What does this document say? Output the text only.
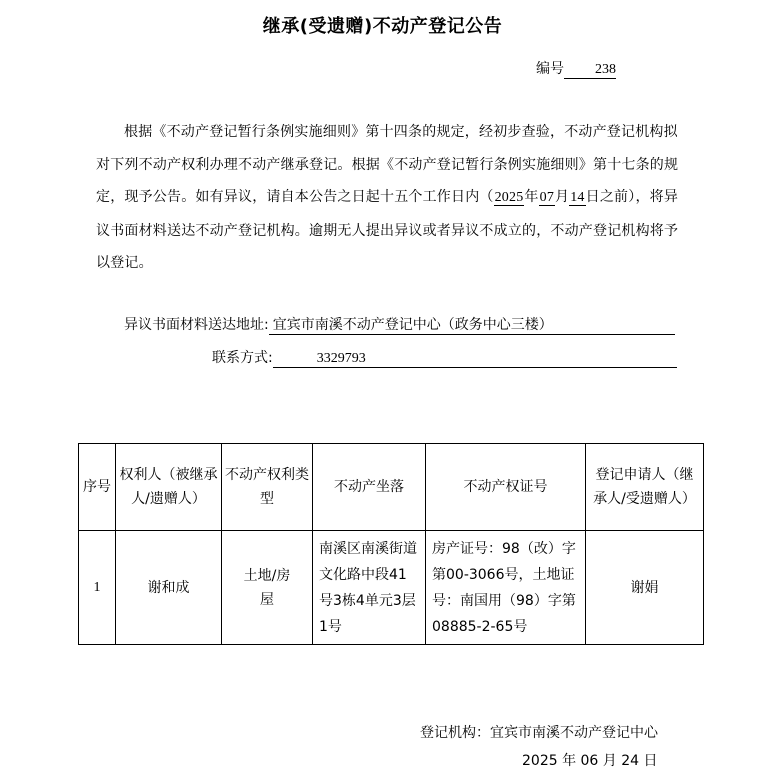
继承(受遗赠)不动产登记公告
编号 238
根据《不动产登记暂行条例实施细则》第十四条的规定，经初步查验，不动产登记机构拟对下列不动产权利办理不动产继承登记。根据《不动产登记暂行条例实施细则》第十七条的规定，现予公告。如有异议，请自本公告之日起十五个工作日内（2025年07月14日之前），将异议书面材料送达不动产登记机构。逾期无人提出异议或者异议不成立的，不动产登记机构将予以登记。
异议书面材料送达地址: 宜宾市南溪不动产登记中心（政务中心三楼）
联系方式:	3329793
序号	权利人（被继承人/遗赠人）	不动产权利类型	不动产坐落	不动产权证号	登记申请人（继承人/受遗赠人）
1	谢和成	土地/房屋	南溪区南溪街道文化路中段41号3栋4单元3层1号	房产证号：98（改）字第00-3066号，土地证号：南国用（98）字第08885-2-65号	谢娟
登记机构：宜宾市南溪不动产登记中心
2025 年 06 月 24 日
